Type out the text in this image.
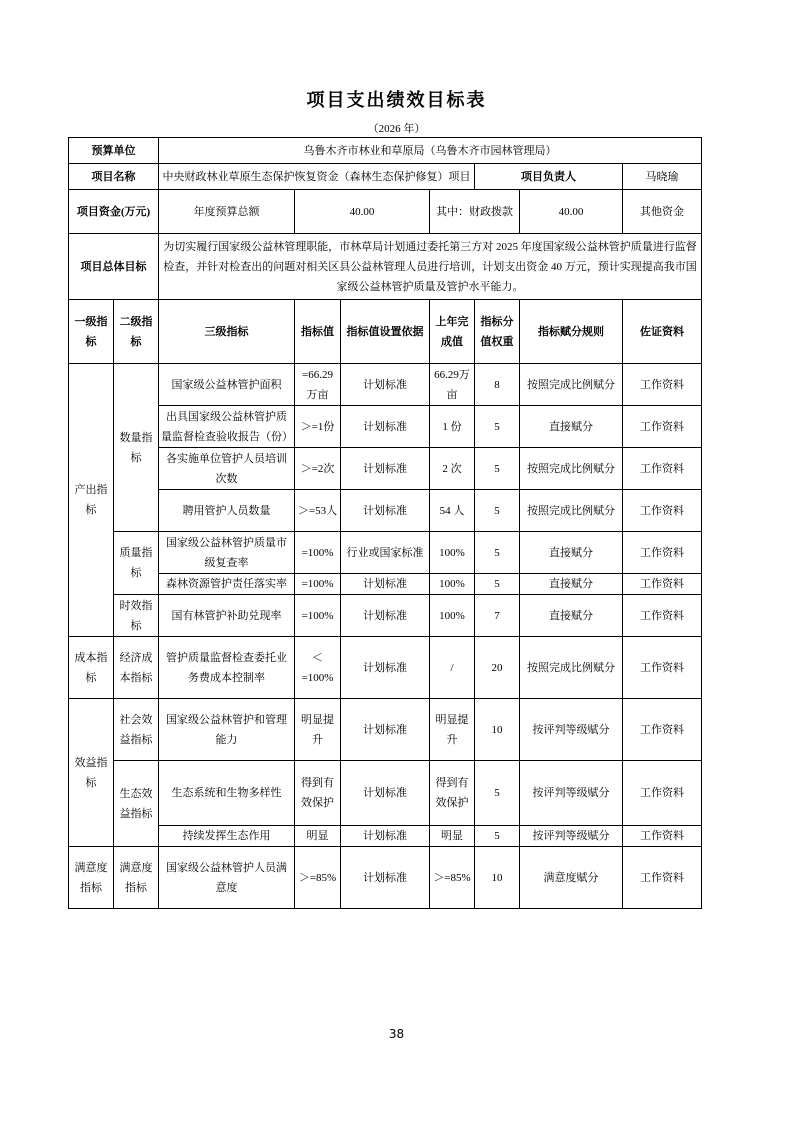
项目支出绩效目标表
（2026 年）
预算单位		乌鲁木齐市林业和草原局（乌鲁木齐市园林管理局）						
项目名称		中央财政林业草原生态保护恢复资金（森林生态保护修复）项目				项目负责人		马晓瑜
项目资金(万元)		年度预算总额	40.00		其中：财政拨款		40.00	其他资金
项目总体目标		为切实履行国家级公益林管理职能，市林草局计划通过委托第三方对 2025 年度国家级公益林管护质量进行监督检查，并针对检查出的问题对相关区县公益林管理人员进行培训，计划支出资金 40 万元，预计实现提高我市国家级公益林管护质量及管护水平能力。						
一级指标	二级指标	三级指标	指标值	指标值设置依据	上年完成值	指标分值权重	指标赋分规则	佐证资料
产出指标	数量指标	国家级公益林管护面积	=66.29万亩	计划标准	66.29万亩	8	按照完成比例赋分	工作资料
		出具国家级公益林管护质量监督检查验收报告（份）	＞=1份	计划标准	1 份	5	直接赋分	工作资料
		各实施单位管护人员培训次数	＞=2次	计划标准	2 次	5	按照完成比例赋分	工作资料
		聘用管护人员数量	＞=53人	计划标准	54 人	5	按照完成比例赋分	工作资料
	质量指标	国家级公益林管护质量市级复查率	=100%	行业或国家标准	100%	5	直接赋分	工作资料
		森林资源管护责任落实率	=100%	计划标准	100%	5	直接赋分	工作资料
	时效指标	国有林管护补助兑现率	=100%	计划标准	100%	7	直接赋分	工作资料
成本指标	经济成本指标	管护质量监督检查委托业务费成本控制率	＜=100%	计划标准	/	20	按照完成比例赋分	工作资料
效益指标	社会效益指标	国家级公益林管护和管理能力	明显提升	计划标准	明显提升	10	按评判等级赋分	工作资料
	生态效益指标	生态系统和生物多样性	得到有效保护	计划标准	得到有效保护	5	按评判等级赋分	工作资料
		持续发挥生态作用	明显	计划标准	明显	5	按评判等级赋分	工作资料
满意度指标	满意度指标	国家级公益林管护人员满意度	＞=85%	计划标准	＞=85%	10	满意度赋分	工作资料
38
